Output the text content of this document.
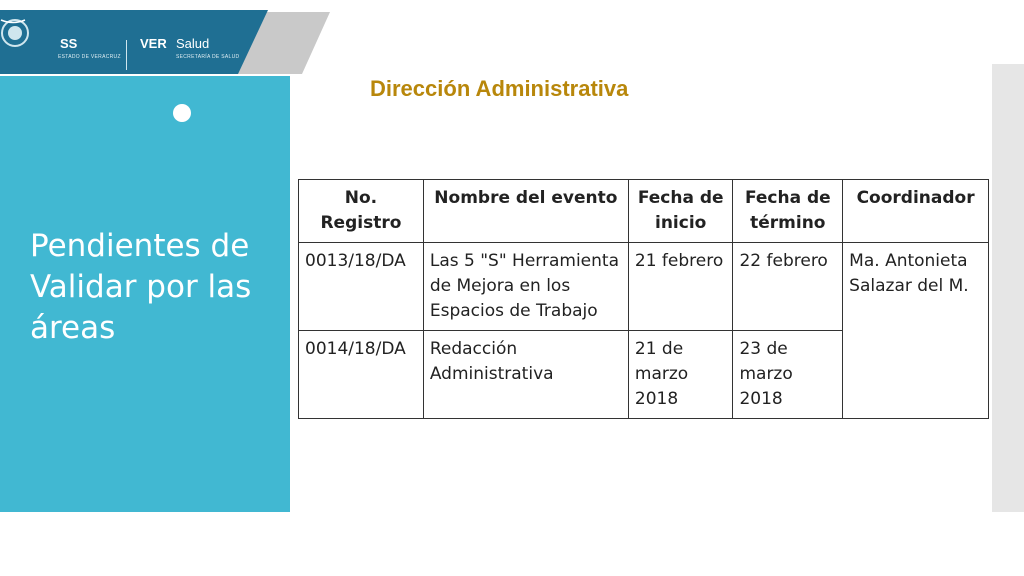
SS
ESTADO DE VERACRUZ
VER Salud
SECRETARÍA DE SALUD
Pendientes de Validar por las áreas
Dirección Administrativa
No. Registro	Nombre del evento	Fecha de inicio	Fecha de término	Coordinador
0013/18/DA	Las 5 "S" Herramienta de Mejora en los Espacios de Trabajo	21 febrero	22 febrero	Ma. Antonieta Salazar del M.
0014/18/DA	Redacción Administrativa	21 de marzo 2018	23 de marzo 2018	
